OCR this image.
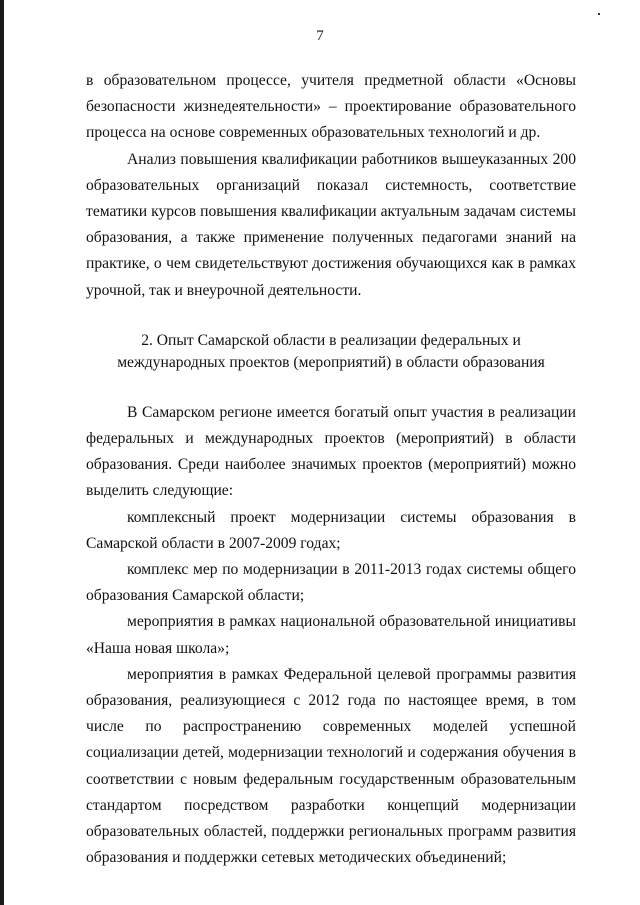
7

в образовательном процессе, учителя предметной области «Основы безопасности жизнедеятельности» – проектирование образовательного процесса на основе современных образовательных технологий и др.

Анализ повышения квалификации работников вышеуказанных 200 образовательных организаций показал системность, соответствие тематики курсов повышения квалификации актуальным задачам системы образования, а также применение полученных педагогами знаний на практике, о чем свидетельствуют достижения обучающихся как в рамках урочной, так и внеурочной деятельности.

2. Опыт Самарской области в реализации федеральных и
международных проектов (мероприятий) в области образования

В Самарском регионе имеется богатый опыт участия в реализации федеральных и международных проектов (мероприятий) в области образования. Среди наиболее значимых проектов (мероприятий) можно выделить следующие:

комплексный проект модернизации системы образования в Самарской области в 2007-2009 годах;

комплекс мер по модернизации в 2011-2013 годах системы общего образования Самарской области;

мероприятия в рамках национальной образовательной инициативы «Наша новая школа»;

мероприятия в рамках Федеральной целевой программы развития образования, реализующиеся с 2012 года по настоящее время, в том числе по распространению современных моделей успешной социализации детей, модернизации технологий и содержания обучения в соответствии с новым федеральным государственным образовательным стандартом посредством разработки концепций модернизации образовательных областей, поддержки региональных программ развития образования и поддержки сетевых методических объединений;
